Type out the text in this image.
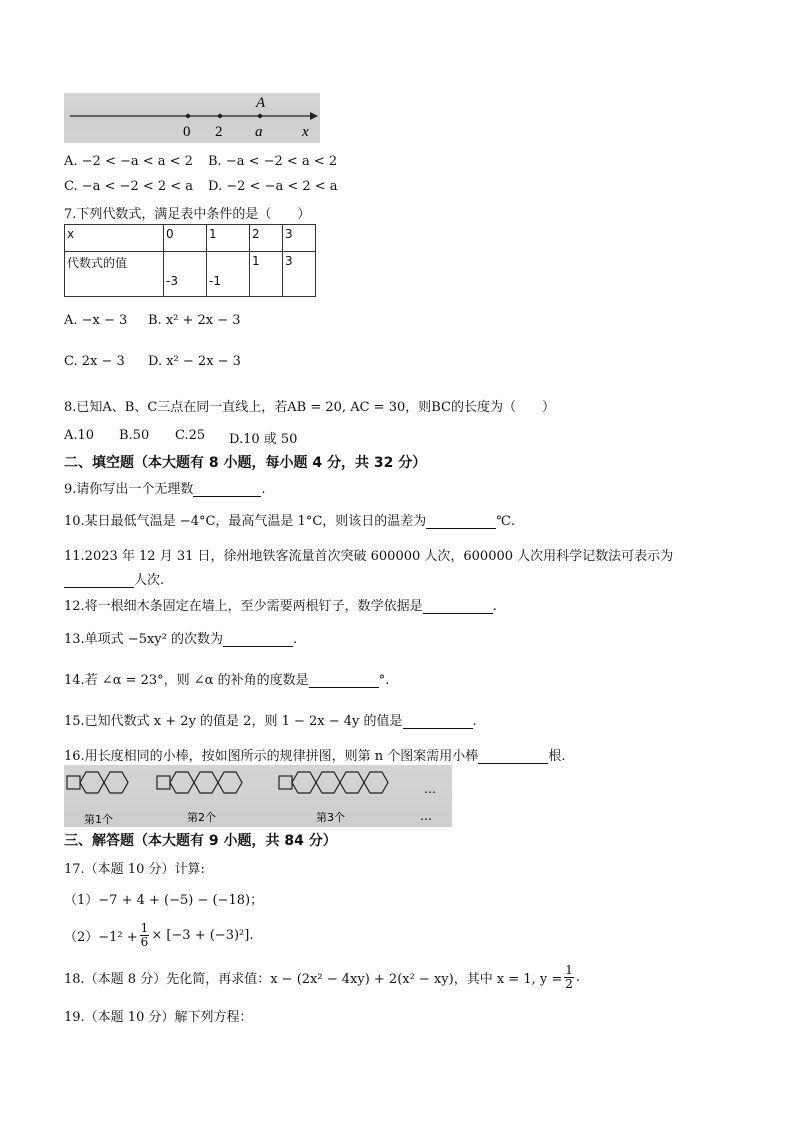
A
0 2 a	x
A. −2 < −a < a < 2 B. −a < −2 < a < 2
C. −a < −2 < 2 < a D. −2 < −a < 2 < a
7.下列代数式，满足表中条件的是（　　）
x	0	1	2	3
代数式的值	-3	-1	1	3
A. −x − 3 B. x² + 2x − 3
C. 2x − 3 D. x² − 2x − 3
8.已知A、B、C三点在同一直线上，若AB = 20, AC = 30，则BC的长度为（　　）
A.10 B.50 C.25 D.10 或 50
二、填空题（本大题有 8 小题，每小题 4 分，共 32 分）
9.请你写出一个无理数	.
10.某日最低气温是 −4°C，最高气温是 1°C，则该日的温差为	℃.
11.2023 年 12 月 31 日，徐州地铁客流量首次突破 600000 人次，600000 人次用科学记数法可表示为
人次.
12.将一根细木条固定在墙上，至少需要两根钉子，数学依据是	.
13.单项式 −5xy² 的次数为	.
14.若 ∠α = 23°，则 ∠α 的补角的度数是	°.
15.已知代数式 x + 2y 的值是 2，则 1 − 2x − 4y 的值是	.
16.用长度相同的小棒，按如图所示的规律拼图，则第 n 个图案需用小棒	根.
…
第1个	第2个	第3个	…
三、解答题（本大题有 9 小题，共 84 分）
17.（本题 10 分）计算:
（1）−7 + 4 + (−5) − (−18)；
$(2)-1^2 + \frac{1}{6} \times [-3 + (-3)^2]$.
18.（本题 8 分）先化简，再求值：x − (2x² − 4xy) + 2(x² − xy)，其中 x = 1, $y = \frac{1}{2}$ .
19.（本题 10 分）解下列方程：
